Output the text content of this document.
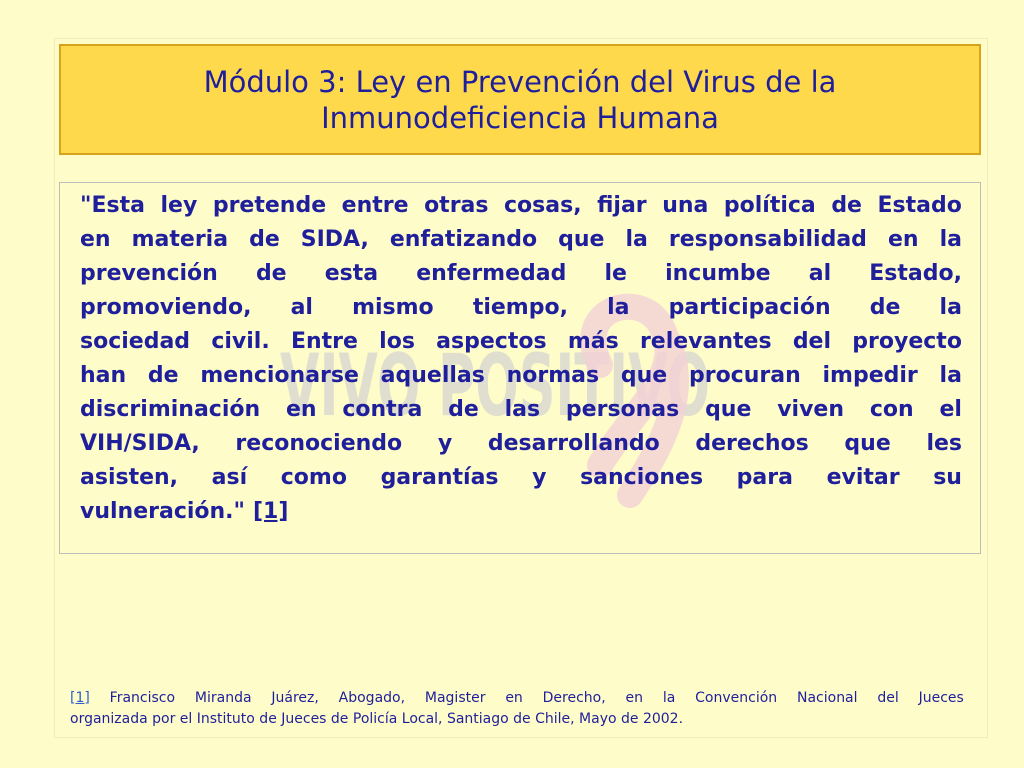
VIVO POSITIVO
Módulo 3: Ley en Prevención del Virus de la
Inmunodeficiencia Humana
"Esta ley pretende entre otras cosas, fijar una política de Estado
en materia de SIDA, enfatizando que la responsabilidad en la
prevención de esta enfermedad le incumbe al Estado,
promoviendo, al mismo tiempo, la participación de la
sociedad civil. Entre los aspectos más relevantes del proyecto
han de mencionarse aquellas normas que procuran impedir la
discriminación en contra de las personas que viven con el
VIH/SIDA, reconociendo y desarrollando derechos que les
asisten, así como garantías y sanciones para evitar su
vulneración." [1]
[1] Francisco Miranda Juárez, Abogado, Magister en Derecho, en la Convención Nacional del Jueces
organizada por el Instituto de Jueces de Policía Local, Santiago de Chile, Mayo de 2002.
